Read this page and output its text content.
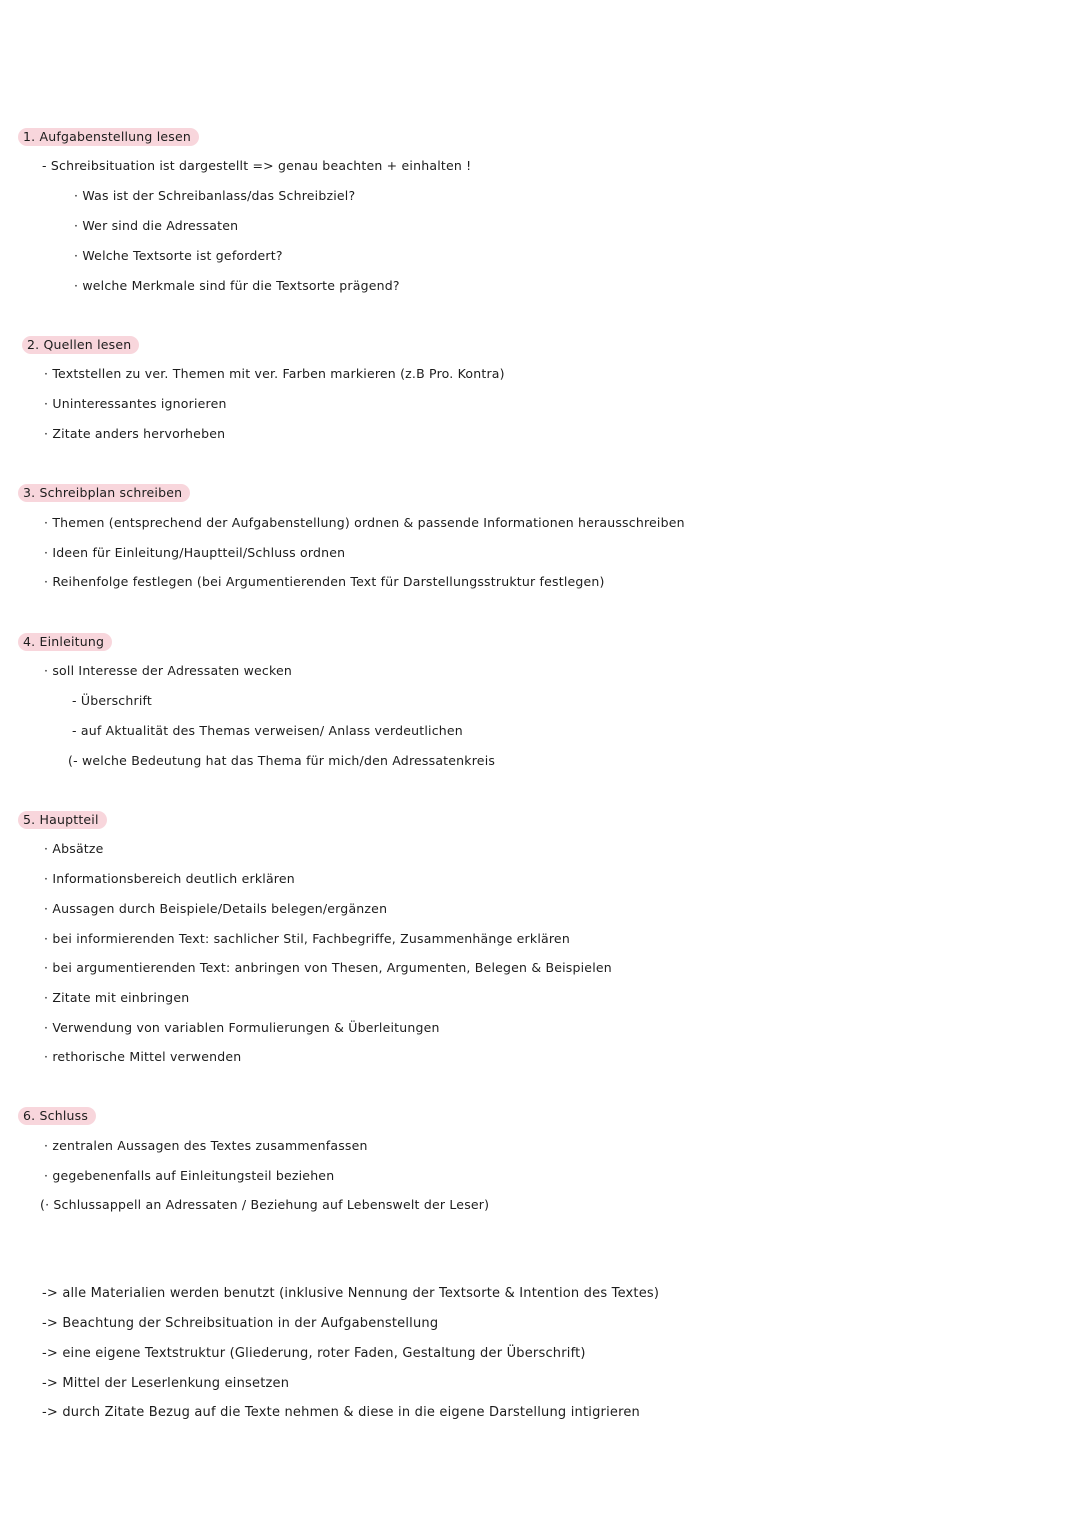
1. Aufgabenstellung lesen
- Schreibsituation ist dargestellt => genau beachten + einhalten !
· Was ist der Schreibanlass/das Schreibziel?
· Wer sind die Adressaten
· Welche Textsorte ist gefordert?
· welche Merkmale sind für die Textsorte prägend?
2. Quellen lesen
· Textstellen zu ver. Themen mit ver. Farben markieren (z.B Pro. Kontra)
· Uninteressantes ignorieren
· Zitate anders hervorheben
3. Schreibplan schreiben
· Themen (entsprechend der Aufgabenstellung) ordnen & passende Informationen herausschreiben
· Ideen für Einleitung/Hauptteil/Schluss ordnen
· Reihenfolge festlegen (bei Argumentierenden Text für Darstellungsstruktur festlegen)
4. Einleitung
· soll Interesse der Adressaten wecken
- Überschrift
- auf Aktualität des Themas verweisen/ Anlass verdeutlichen
(- welche Bedeutung hat das Thema für mich/den Adressatenkreis
5. Hauptteil
· Absätze
· Informationsbereich deutlich erklären
· Aussagen durch Beispiele/Details belegen/ergänzen
· bei informierenden Text: sachlicher Stil, Fachbegriffe, Zusammenhänge erklären
· bei argumentierenden Text: anbringen von Thesen, Argumenten, Belegen & Beispielen
· Zitate mit einbringen
· Verwendung von variablen Formulierungen & Überleitungen
· rethorische Mittel verwenden
6. Schluss
· zentralen Aussagen des Textes zusammenfassen
· gegebenenfalls auf Einleitungsteil beziehen
(· Schlussappell an Adressaten / Beziehung auf Lebenswelt der Leser)
-> alle Materialien werden benutzt (inklusive Nennung der Textsorte & Intention des Textes)
-> Beachtung der Schreibsituation in der Aufgabenstellung
-> eine eigene Textstruktur (Gliederung, roter Faden, Gestaltung der Überschrift)
-> Mittel der Leserlenkung einsetzen
-> durch Zitate Bezug auf die Texte nehmen & diese in die eigene Darstellung intigrieren
